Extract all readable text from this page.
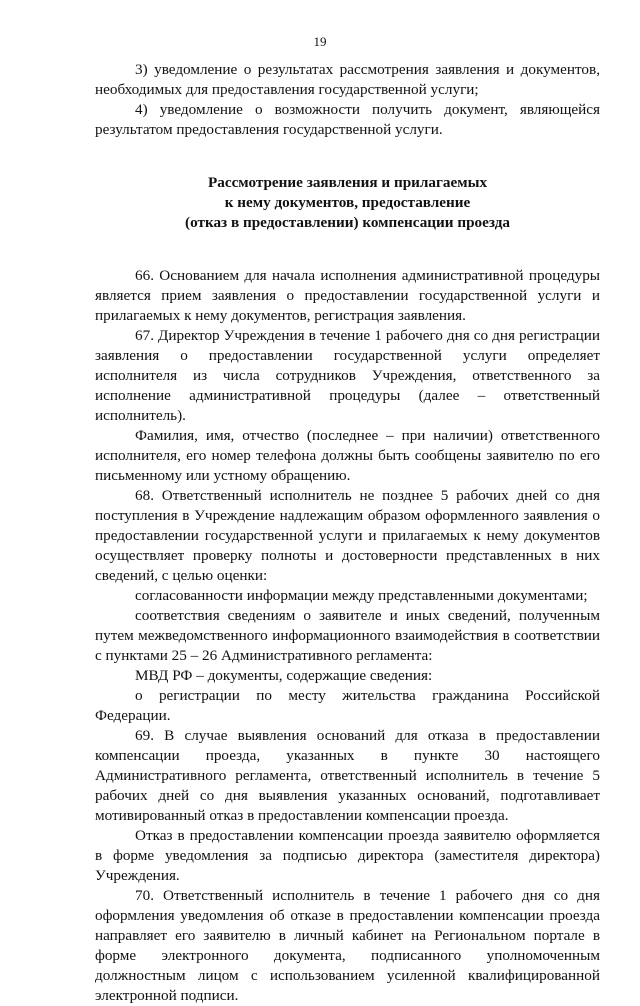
19

3) уведомление о результатах рассмотрения заявления и документов, необходимых для предоставления государственной услуги;

4) уведомление о возможности получить документ, являющейся результатом предоставления государственной услуги.

Рассмотрение заявления и прилагаемых
к нему документов, предоставление
(отказ в предоставлении) компенсации проезда

66. Основанием для начала исполнения административной процедуры является прием заявления о предоставлении государственной услуги и прилагаемых к нему документов, регистрация заявления.

67. Директор Учреждения в течение 1 рабочего дня со дня регистрации заявления о предоставлении государственной услуги определяет исполнителя из числа сотрудников Учреждения, ответственного за исполнение административной процедуры (далее – ответственный исполнитель).

Фамилия, имя, отчество (последнее – при наличии) ответственного исполнителя, его номер телефона должны быть сообщены заявителю по его письменному или устному обращению.

68. Ответственный исполнитель не позднее 5 рабочих дней со дня поступления в Учреждение надлежащим образом оформленного заявления о предоставлении государственной услуги и прилагаемых к нему документов осуществляет проверку полноты и достоверности представленных в них сведений, с целью оценки:

согласованности информации между представленными документами;

соответствия сведениям о заявителе и иных сведений, полученным путем межведомственного информационного взаимодействия в соответствии с пунктами 25 – 26 Административного регламента:

МВД РФ – документы, содержащие сведения:

о регистрации по месту жительства гражданина Российской Федерации.

69. В случае выявления оснований для отказа в предоставлении компенсации проезда, указанных в пункте 30 настоящего Административного регламента, ответственный исполнитель в течение 5 рабочих дней со дня выявления указанных оснований, подготавливает мотивированный отказ в предоставлении компенсации проезда.

Отказ в предоставлении компенсации проезда заявителю оформляется в форме уведомления за подписью директора (заместителя директора) Учреждения.

70. Ответственный исполнитель в течение 1 рабочего дня со дня оформления уведомления об отказе в предоставлении компенсации проезда направляет его заявителю в личный кабинет на Региональном портале в форме электронного документа, подписанного уполномоченным должностным лицом с использованием усиленной квалифицированной электронной подписи.
